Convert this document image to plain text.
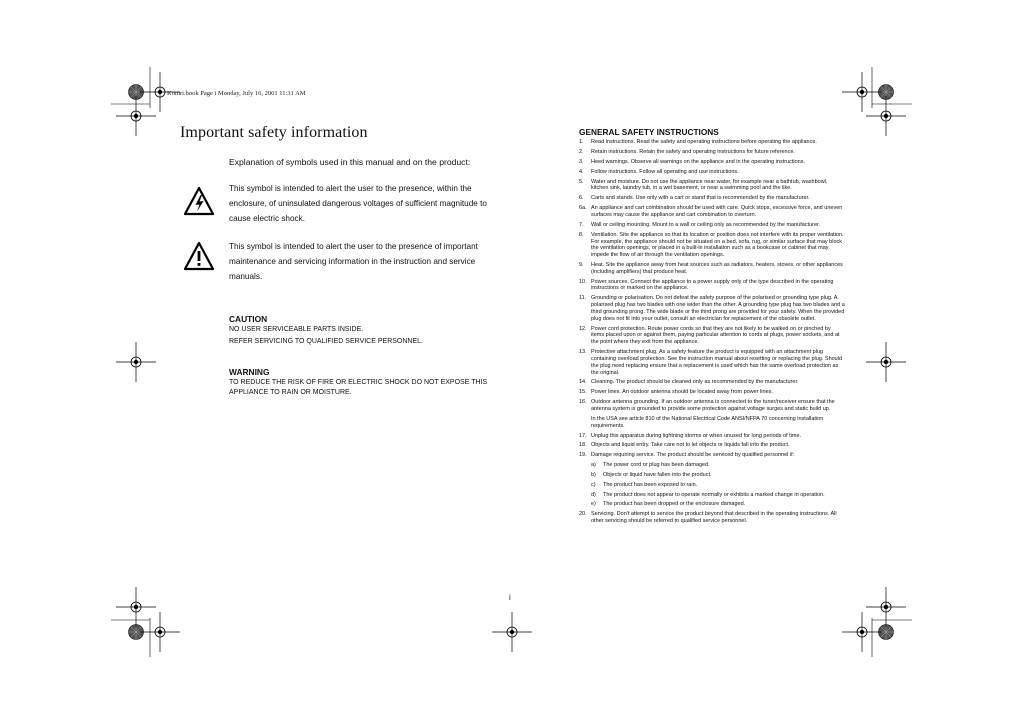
Komri.book Page i Monday, July 16, 2001 11:31 AM
Important safety information
Explanation of symbols used in this manual and on the product:
This symbol is intended to alert the user to the presence, within the enclosure, of uninsulated dangerous voltages of sufficient magnitude to cause electric shock.
This symbol is intended to alert the user to the presence of important maintenance and servicing information in the instruction and service manuals.
CAUTION
NO USER SERVICEABLE PARTS INSIDE.
REFER SERVICING TO QUALIFIED SERVICE PERSONNEL.
WARNING
TO REDUCE THE RISK OF FIRE OR ELECTRIC SHOCK DO NOT EXPOSE THIS APPLIANCE TO RAIN OR MOISTURE.
GENERAL SAFETY INSTRUCTIONS
1. Read instructions. Read the safety and operating instructions before operating the appliance.
2. Retain instructions. Retain the safety and operating instructions for future reference.
3. Heed warnings. Observe all warnings on the appliance and in the operating instructions.
4. Follow instructions. Follow all operating and use instructions.
5. Water and moisture. Do not use the appliance near water, for example near a bathtub, washbowl, kitchen sink, laundry tub, in a wet basement, or near a swimming pool and the like.
6. Carts and stands. Use only with a cart or stand that is recommended by the manufacturer.
6a. An appliance and cart combination should be used with care. Quick stops, excessive force, and uneven surfaces may cause the appliance and cart combination to overturn.
7. Wall or ceiling mounting. Mount to a wall or ceiling only as recommended by the manufacturer.
8. Ventilation. Site the appliance so that its location or position does not interfere with its proper ventilation. For example, the appliance should not be situated on a bed, sofa, rug, or similar surface that may block the ventilation openings, or placed in a built-in installation such as a bookcase or cabinet that may impede the flow of air through the ventilation openings.
9. Heat. Site the appliance away from heat sources such as radiators, heaters, stoves, or other appliances (including amplifiers) that produce heat.
10. Power sources. Connect the appliance to a power supply only of the type described in the operating instructions or marked on the appliance.
11. Grounding or polarisation. Do not defeat the safety purpose of the polarised or grounding type plug. A polarised plug has two blades with one wider than the other. A grounding type plug has two blades and a third grounding prong. The wide blade or the third prong are provided for your safety. When the provided plug does not fit into your outlet, consult an electrician for replacement of the obsolete outlet.
12. Power cord protection. Route power cords so that they are not likely to be walked on or pinched by items placed upon or against them, paying particular attention to cords at plugs, power sockets, and at the point where they exit from the appliance.
13. Protective attachment plug. As a safety feature the product is equipped with an attachment plug containing overload protection. See the instruction manual about resetting or replacing the plug. Should the plug need replacing ensure that a replacement is used which has the same overload protection as the original.
14. Cleaning. The product should be cleaned only as recommended by the manufacturer.
15. Power lines. An outdoor antenna should be located away from power lines.
16. Outdoor antenna grounding. If an outdoor antenna is connected to the tuner/receiver ensure that the antenna system is grounded to provide some protection against voltage surges and static build up.
In the USA see article 810 of the National Electrical Code ANSI/NFPA 70 concerning installation requirements.
17. Unplug this apparatus during lightning storms or when unused for long periods of time.
18. Objects and liquid entry. Take care not to let objects or liquids fall into the product.
19. Damage requiring service. The product should be serviced by qualified personnel if:
a) The power cord or plug has been damaged.
b) Objects or liquid have fallen into the product.
c) The product has been exposed to rain.
d) The product does not appear to operate normally or exhibits a marked change in operation.
e) The product has been dropped or the enclosure damaged.
20. Servicing. Don't attempt to service the product beyond that described in the operating instructions. All other servicing should be referred to qualified service personnel.
i
